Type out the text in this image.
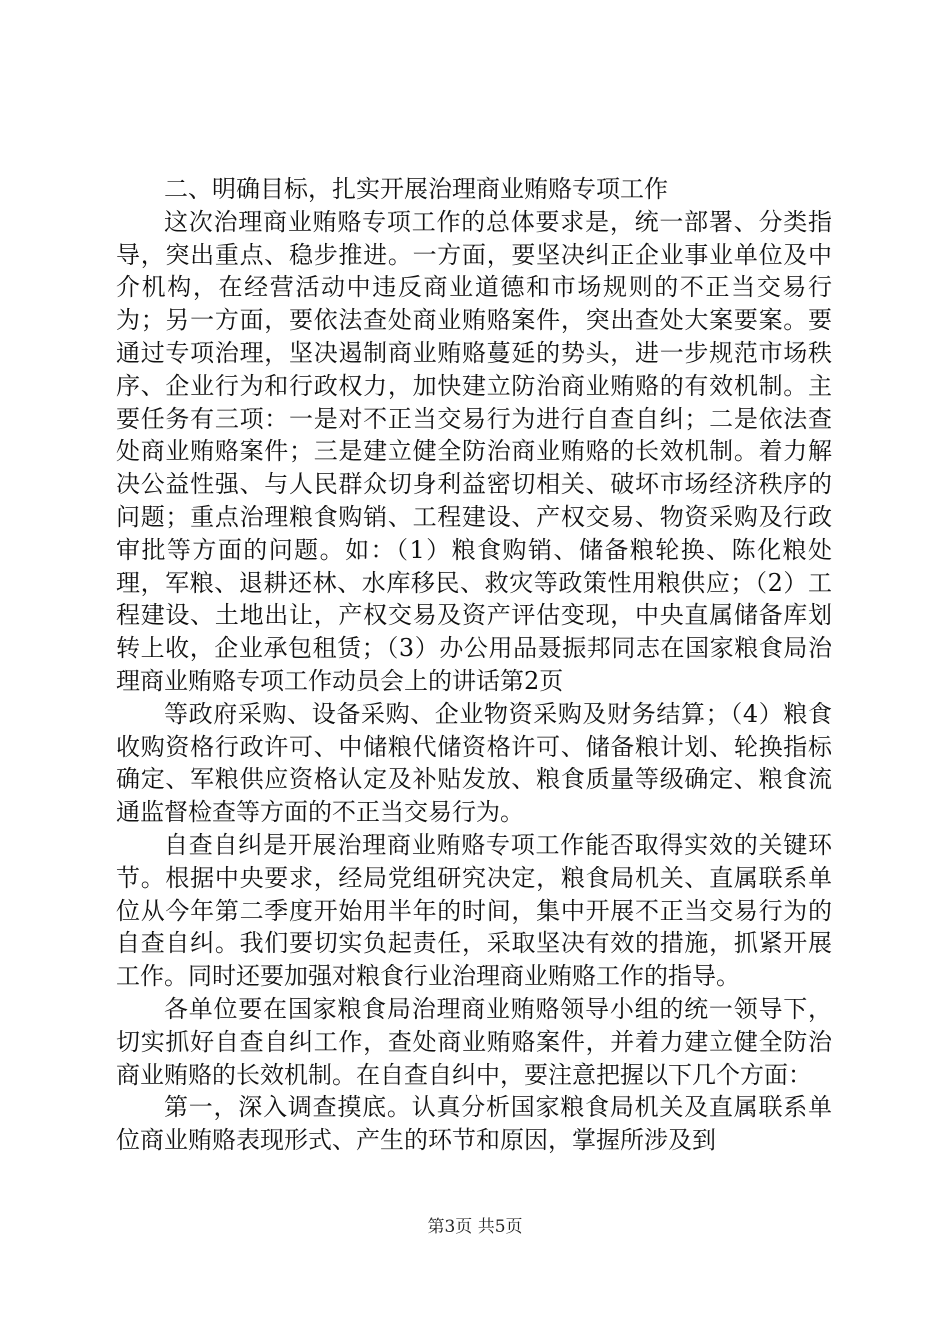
二、明确目标，扎实开展治理商业贿赂专项工作

这次治理商业贿赂专项工作的总体要求是，统一部署、分类指导，突出重点、稳步推进。一方面，要坚决纠正企业事业单位及中介机构，在经营活动中违反商业道德和市场规则的不正当交易行为；另一方面，要依法查处商业贿赂案件，突出查处大案要案。要通过专项治理，坚决遏制商业贿赂蔓延的势头，进一步规范市场秩序、企业行为和行政权力，加快建立防治商业贿赂的有效机制。主要任务有三项：一是对不正当交易行为进行自查自纠；二是依法查处商业贿赂案件；三是建立健全防治商业贿赂的长效机制。着力解决公益性强、与人民群众切身利益密切相关、破坏市场经济秩序的问题；重点治理粮食购销、工程建设、产权交易、物资采购及行政审批等方面的问题。如：（1）粮食购销、储备粮轮换、陈化粮处理，军粮、退耕还林、水库移民、救灾等政策性用粮供应；（2）工程建设、土地出让，产权交易及资产评估变现，中央直属储备库划转上收，企业承包租赁；（3）办公用品聂振邦同志在国家粮食局治理商业贿赂专项工作动员会上的讲话第2页

等政府采购、设备采购、企业物资采购及财务结算；（4）粮食收购资格行政许可、中储粮代储资格许可、储备粮计划、轮换指标确定、军粮供应资格认定及补贴发放、粮食质量等级确定、粮食流通监督检查等方面的不正当交易行为。

自查自纠是开展治理商业贿赂专项工作能否取得实效的关键环节。根据中央要求，经局党组研究决定，粮食局机关、直属联系单位从今年第二季度开始用半年的时间，集中开展不正当交易行为的自查自纠。我们要切实负起责任，采取坚决有效的措施，抓紧开展工作。同时还要加强对粮食行业治理商业贿赂工作的指导。

各单位要在国家粮食局治理商业贿赂领导小组的统一领导下，切实抓好自查自纠工作，查处商业贿赂案件，并着力建立健全防治商业贿赂的长效机制。在自查自纠中，要注意把握以下几个方面：

第一，深入调查摸底。认真分析国家粮食局机关及直属联系单位商业贿赂表现形式、产生的环节和原因，掌握所涉及到

第3页 共5页
